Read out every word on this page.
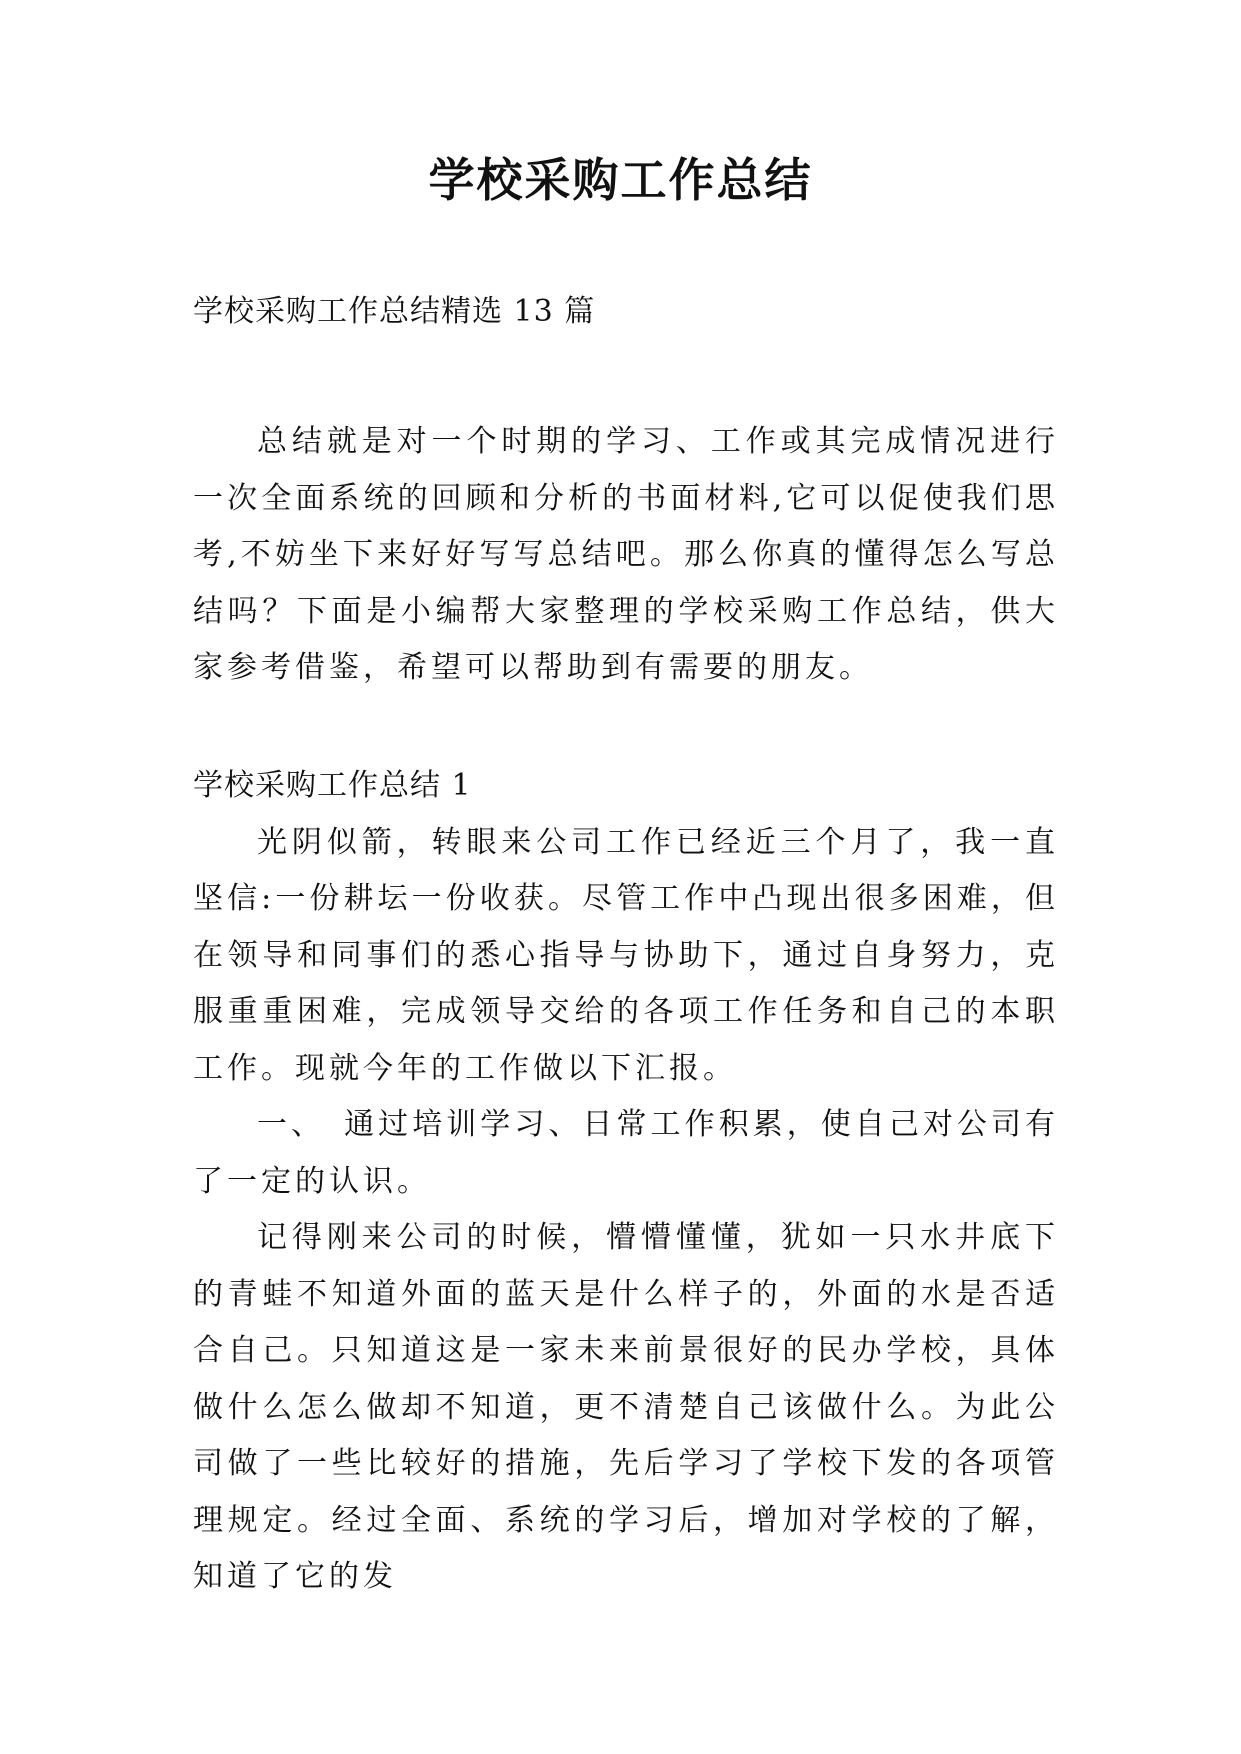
学校采购工作总结
学校采购工作总结精选 13 篇

总结就是对一个时期的学习、工作或其完成情况进行一次全面系统的回顾和分析的书面材料,它可以促使我们思考,不妨坐下来好好写写总结吧。那么你真的懂得怎么写总结吗？下面是小编帮大家整理的学校采购工作总结，供大家参考借鉴，希望可以帮助到有需要的朋友。

学校采购工作总结 1

光阴似箭，转眼来公司工作已经近三个月了，我一直坚信:一份耕坛一份收获。尽管工作中凸现出很多困难，但在领导和同事们的悉心指导与协助下，通过自身努力，克服重重困难，完成领导交给的各项工作任务和自己的本职工作。现就今年的工作做以下汇报。

一、　通过培训学习、日常工作积累，使自己对公司有了一定的认识。

记得刚来公司的时候，懵懵懂懂，犹如一只水井底下的青蛙不知道外面的蓝天是什么样子的，外面的水是否适合自己。只知道这是一家未来前景很好的民办学校，具体做什么怎么做却不知道，更不清楚自己该做什么。为此公司做了一些比较好的措施，先后学习了学校下发的各项管理规定。经过全面、系统的学习后，增加对学校的了解，知道了它的发
